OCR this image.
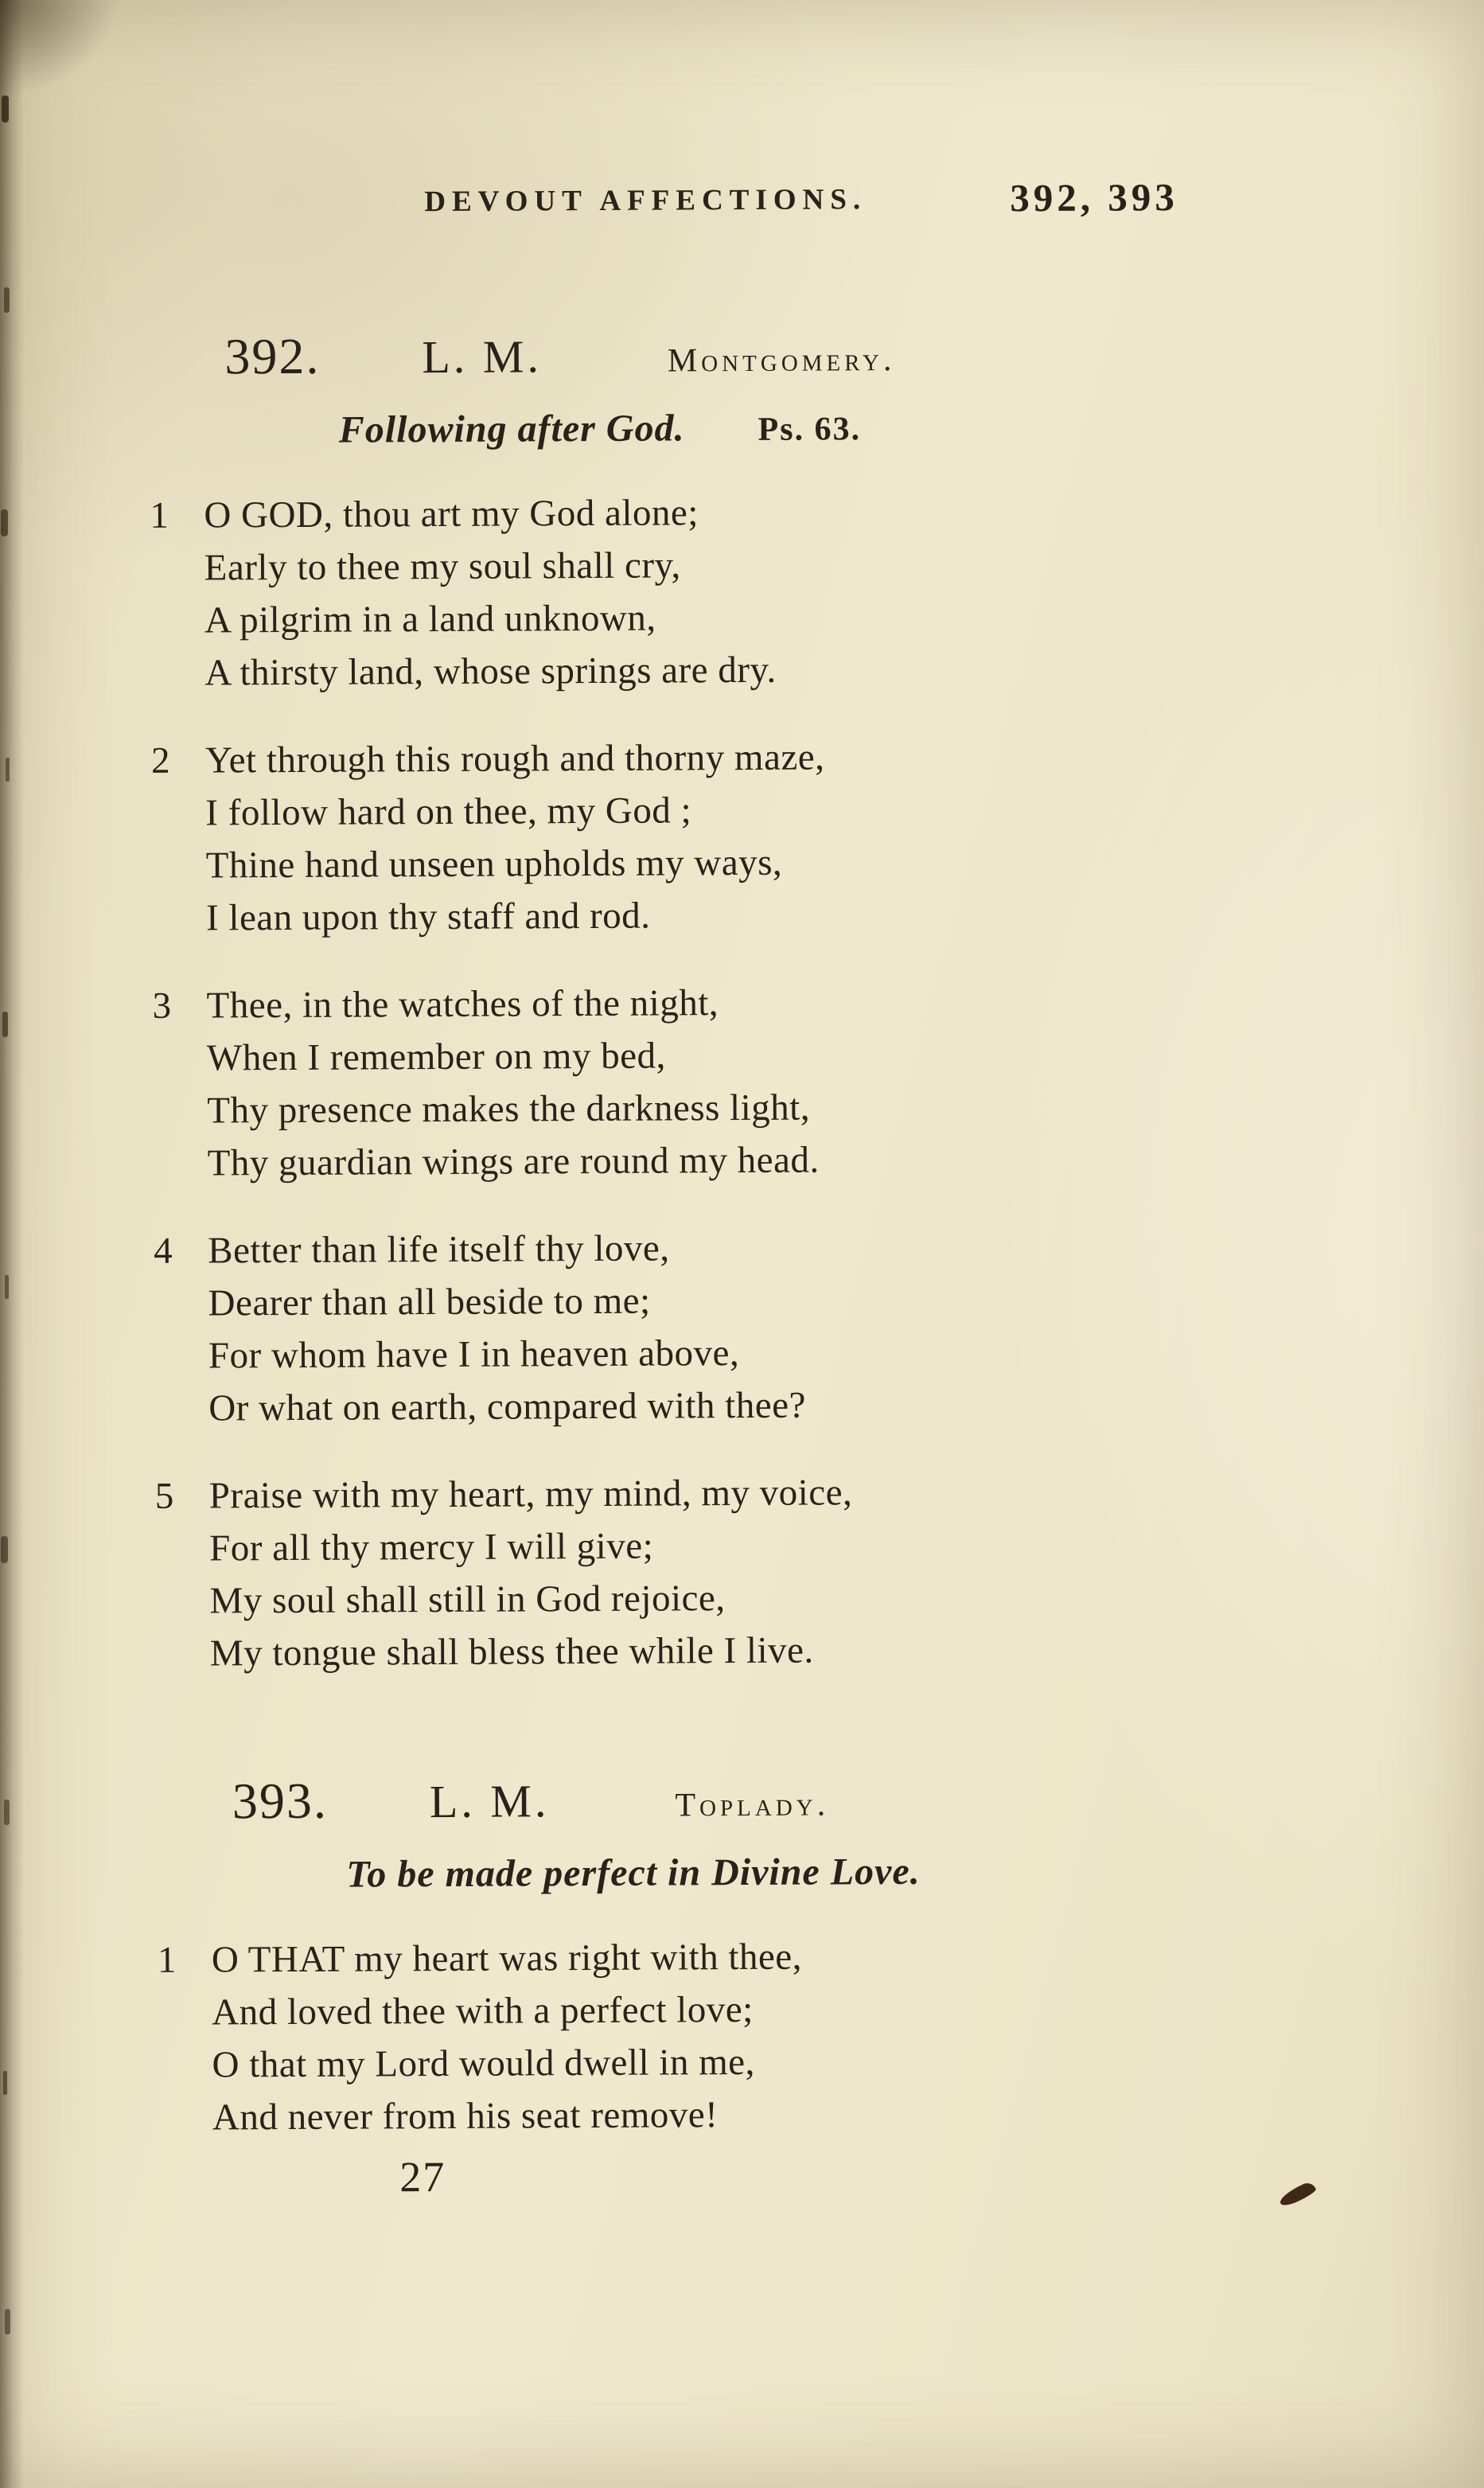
DEVOUT AFFECTIONS.	392, 393
392. L. M.	Montgomery.
Following after God. Ps. 63.
1 O GOD, thou art my God alone;
Early to thee my soul shall cry,
A pilgrim in a land unknown,
A thirsty land, whose springs are dry.
2 Yet through this rough and thorny maze,
I follow hard on thee, my God ;
Thine hand unseen upholds my ways,
I lean upon thy staff and rod.
3 Thee, in the watches of the night,
When I remember on my bed,
Thy presence makes the darkness light,
Thy guardian wings are round my head.
4 Better than life itself thy love,
Dearer than all beside to me;
For whom have I in heaven above,
Or what on earth, compared with thee?
5 Praise with my heart, my mind, my voice,
For all thy mercy I will give;
My soul shall still in God rejoice,
My tongue shall bless thee while I live.
393. L. M.	Toplady.
To be made perfect in Divine Love.
1 O THAT my heart was right with thee,
And loved thee with a perfect love;
O that my Lord would dwell in me,
And never from his seat remove!
27
